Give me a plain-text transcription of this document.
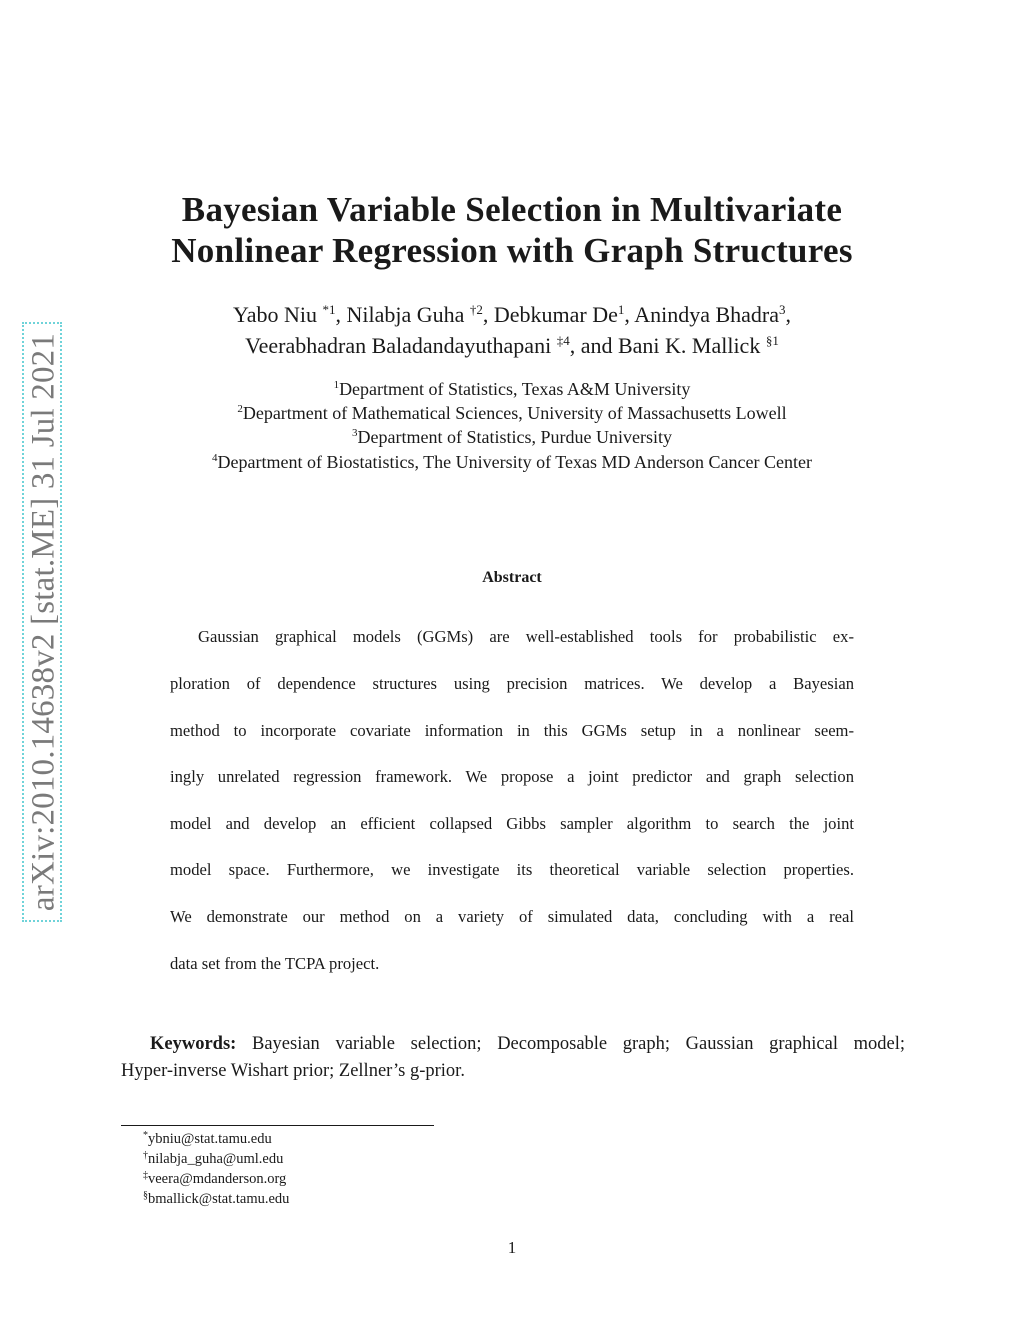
arXiv:2010.14638v2 [stat.ME] 31 Jul 2021
Bayesian Variable Selection in Multivariate
Nonlinear Regression with Graph Structures
Yabo Niu $^{*1}$, Nilabja Guha $^{\dagger 2}$, Debkumar De$^1$, Anindya Bhadra$^3$,
Veerabhadran Baladandayuthapani $^{\ddagger 4}$, and Bani K. Mallick $^{\S 1}$
$^1$Department of Statistics, Texas A&M University
$^2$Department of Mathematical Sciences, University of Massachusetts Lowell
$^3$Department of Statistics, Purdue University
$^4$Department of Biostatistics, The University of Texas MD Anderson Cancer Center
Abstract
Gaussian graphical models (GGMs) are well-established tools for probabilistic ex-
ploration of dependence structures using precision matrices. We develop a Bayesian
method to incorporate covariate information in this GGMs setup in a nonlinear seem-
ingly unrelated regression framework. We propose a joint predictor and graph selection
model and develop an efficient collapsed Gibbs sampler algorithm to search the joint
model space. Furthermore, we investigate its theoretical variable selection properties.
We demonstrate our method on a variety of simulated data, concluding with a real
data set from the TCPA project.
Keywords: Bayesian variable selection; Decomposable graph; Gaussian graphical model;
Hyper-inverse Wishart prior; Zellner’s g-prior.
*ybniu@stat.tamu.edu
†nilabja_guha@uml.edu
‡veera@mdanderson.org
§bmallick@stat.tamu.edu
1
